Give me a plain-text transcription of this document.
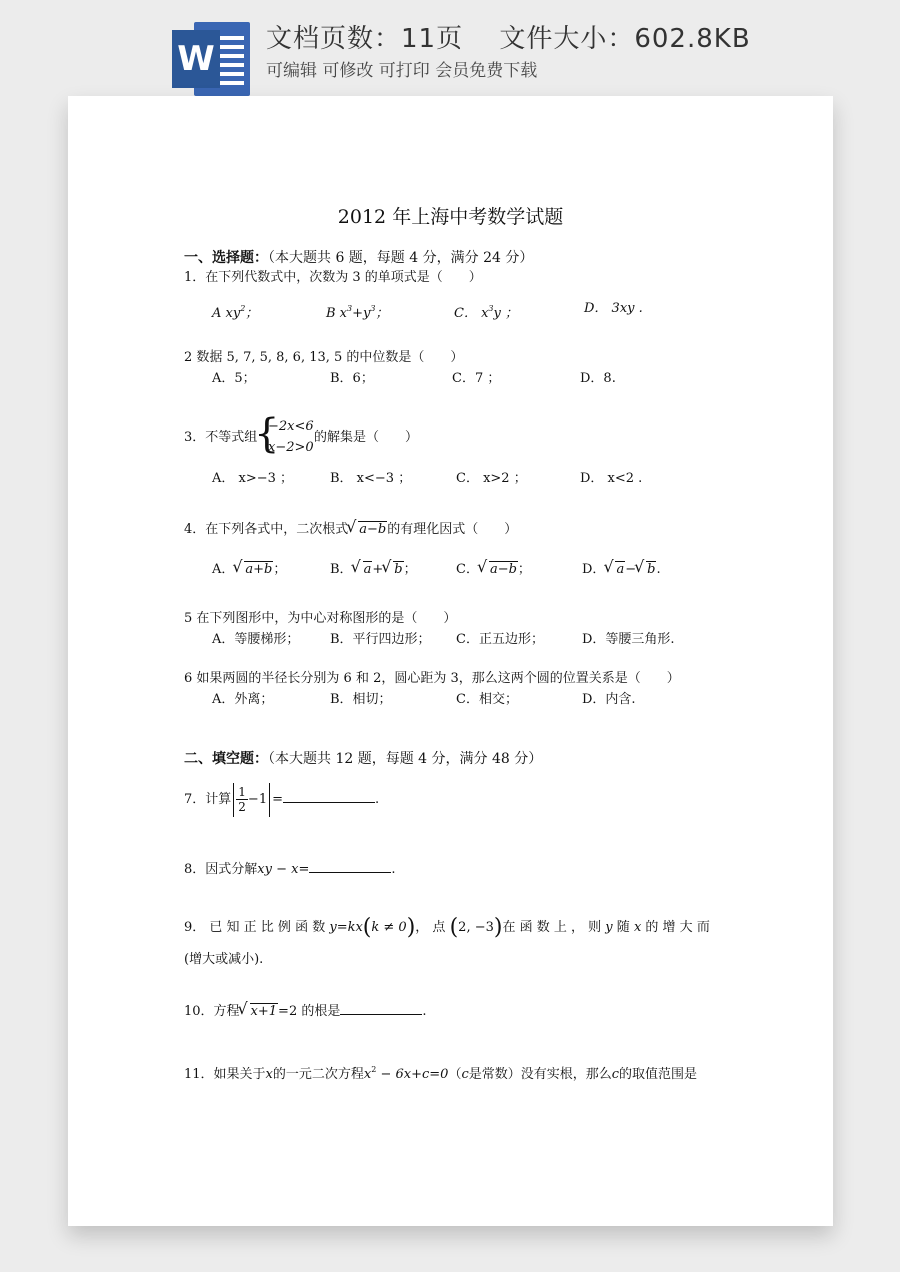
W 文档页数：11页　 文件大小：602.8KB
可编辑 可修改 可打印 会员免费下载
2012 年上海中考数学试题
一、选择题：（本大题共 6 题，每题 4 分，满分 24 分）
1．在下列代数式中，次数为 3 的单项式是（　　）
A $xy^2$；	B $x^3+y^3$；	C． $x^3y$ ；	D． 3xy .
2 数据 5, 7, 5, 8, 6, 13, 5 的中位数是（　　）
A．5；	B．6；	C．7 ；	D．8.
3．不等式组
{
−2x<6
x−2>0
的解集是（　　）
A． x>−3 ；	B． x<−3 ；	C． x>2 ；	D． x<2 .
4．在下列各式中，二次根式 √ a−b的有理化因式（　　）
A． √ a+b；	B． √ a+ √ b；	C． √ a−b；	D． √ a− √ b.
5 在下列图形中，为中心对称图形的是（　　）
A．等腰梯形； B．平行四边形； C．正五边形；	D．等腰三角形.
6 如果两圆的半径长分别为 6 和 2，圆心距为 3，那么这两个圆的位置关系是（　　）
A．外离；	B．相切；	C．相交；	D．内含.
二、填空题：（本大题共 12 题，每题 4 分，满分 48 分）
7．计算 $\frac{1}{2} -1$ =	.
8．因式分解xy − x=	.
9． 已 知 正 比 例 函 数 y=kx(k ≠ 0)， 点 (2, −3)在 函 数 上 ， 则 y 随 x 的 增 大 而
(增大或减小).
10．方程 √ x+1=2 的根是	.
11．如果关于x的一元二次方程$x^2 - 6x+c=0(c$是常数）没有实根，那么c的取值范围是
